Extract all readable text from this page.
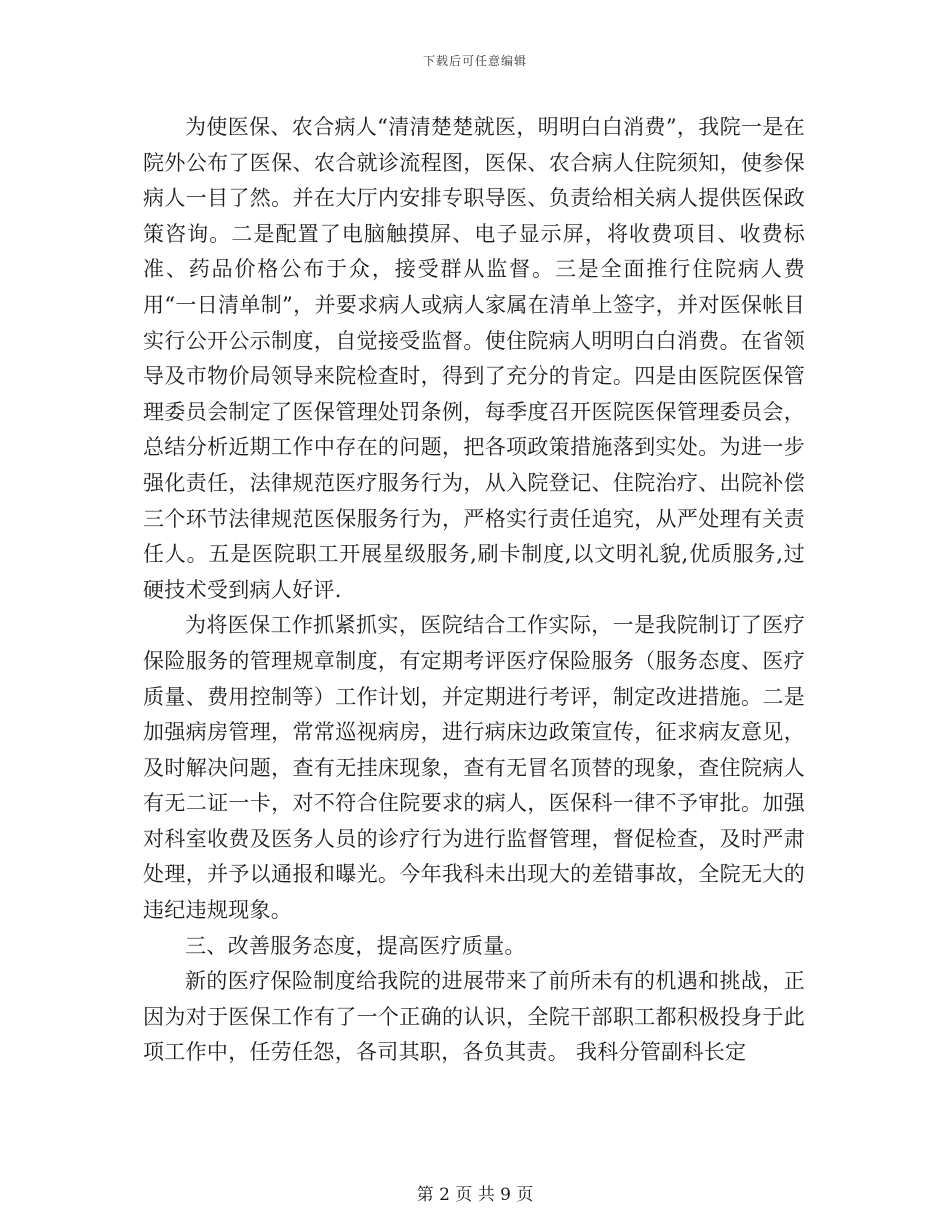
下载后可任意编辑

为使医保、农合病人“清清楚楚就医，明明白白消费”，我院一是在院外公布了医保、农合就诊流程图，医保、农合病人住院须知，使参保病人一目了然。并在大厅内安排专职导医、负责给相关病人提供医保政策咨询。二是配置了电脑触摸屏、电子显示屏，将收费项目、收费标准、药品价格公布于众，接受群从监督。三是全面推行住院病人费用“一日清单制”，并要求病人或病人家属在清单上签字，并对医保帐目实行公开公示制度，自觉接受监督。使住院病人明明白白消费。在省领导及市物价局领导来院检查时，得到了充分的肯定。四是由医院医保管理委员会制定了医保管理处罚条例，每季度召开医院医保管理委员会，总结分析近期工作中存在的问题，把各项政策措施落到实处。为进一步强化责任，法律规范医疗服务行为，从入院登记、住院治疗、出院补偿三个环节法律规范医保服务行为，严格实行责任追究，从严处理有关责任人。五是医院职工开展星级服务,刷卡制度,以文明礼貌,优质服务,过硬技术受到病人好评.

为将医保工作抓紧抓实，医院结合工作实际，一是我院制订了医疗保险服务的管理规章制度，有定期考评医疗保险服务（服务态度、医疗质量、费用控制等）工作计划，并定期进行考评，制定改进措施。二是加强病房管理，常常巡视病房，进行病床边政策宣传，征求病友意见，及时解决问题，查有无挂床现象，查有无冒名顶替的现象，查住院病人有无二证一卡，对不符合住院要求的病人，医保科一律不予审批。加强对科室收费及医务人员的诊疗行为进行监督管理，督促检查，及时严肃处理，并予以通报和曝光。今年我科未出现大的差错事故，全院无大的违纪违规现象。

三、改善服务态度，提高医疗质量。

新的医疗保险制度给我院的进展带来了前所未有的机遇和挑战，正因为对于医保工作有了一个正确的认识，全院干部职工都积极投身于此项工作中，任劳任怨，各司其职，各负其责。 我科分管副科长定

第 2 页 共 9 页
